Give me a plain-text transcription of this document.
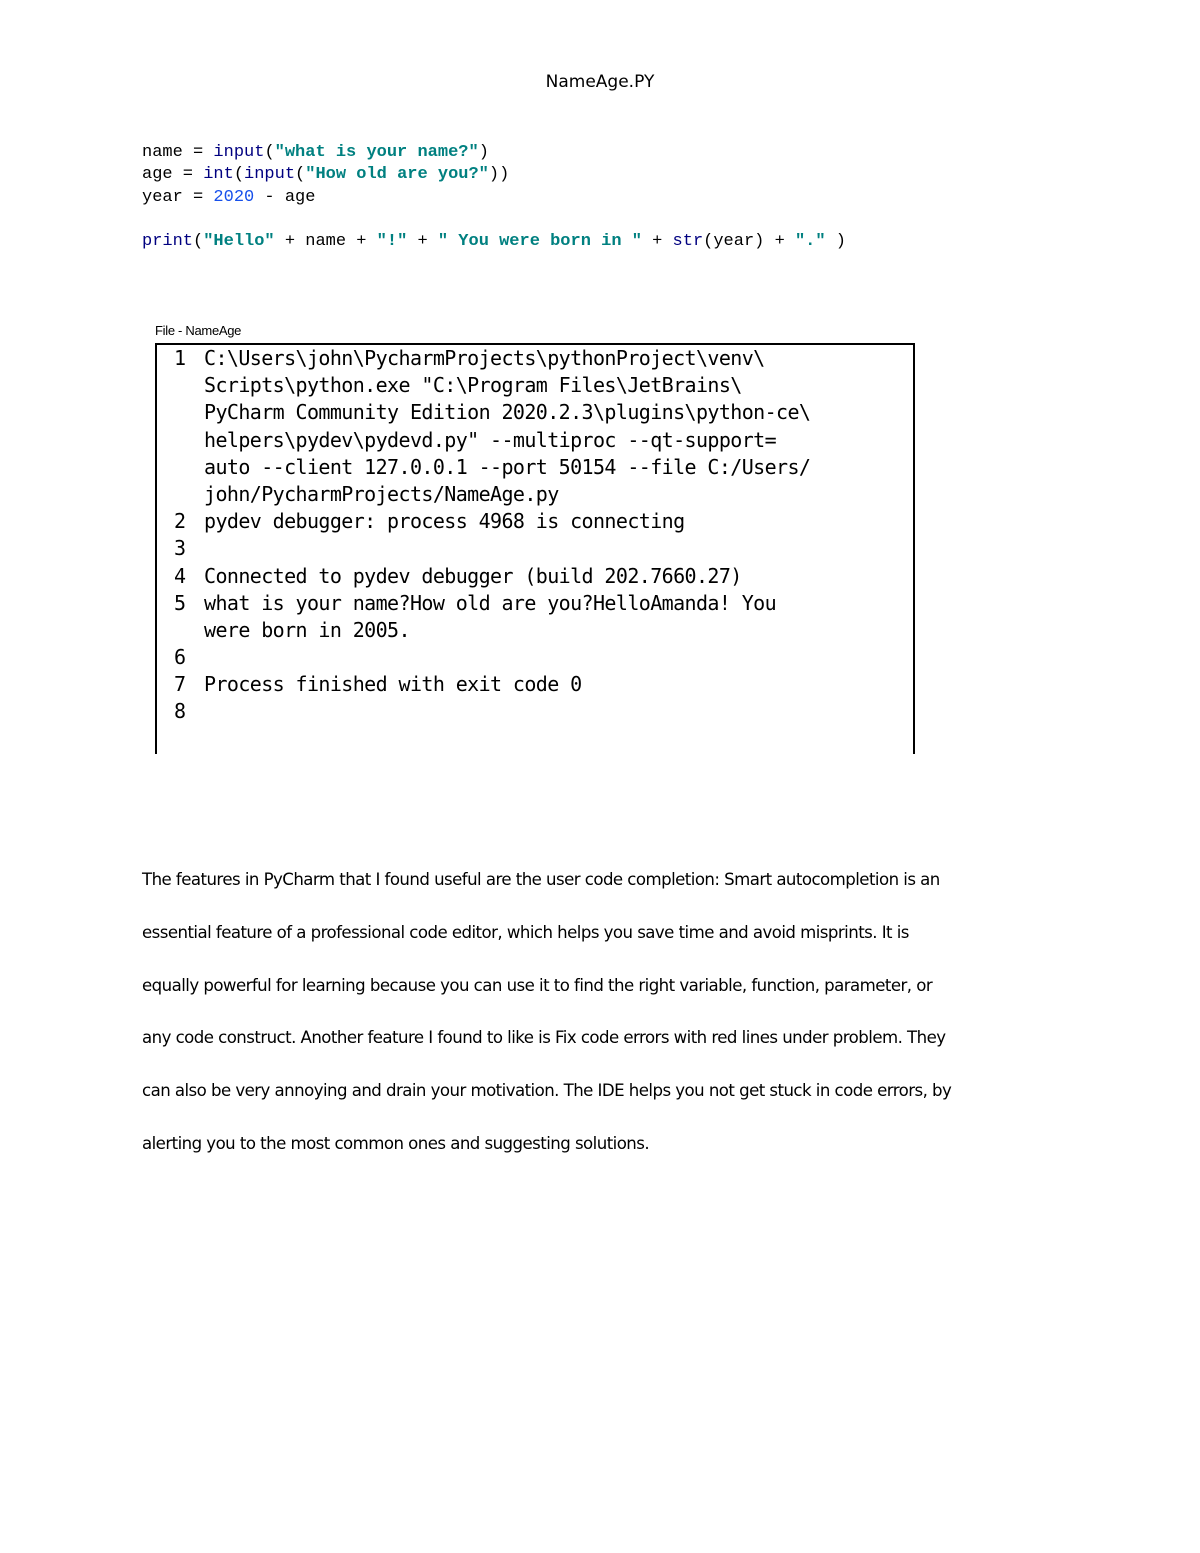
NameAge.PY
name = input("what is your name?")
age = int(input("How old are you?"))
year = 2020 - age
print("Hello" + name + "!" + " You were born in " + str(year) + "." )
File - NameAge
1 C:\Users\john\PycharmProjects\pythonProject\venv\
Scripts\python.exe "C:\Program Files\JetBrains\
PyCharm Community Edition 2020.2.3\plugins\python-ce\
helpers\pydev\pydevd.py" --multiproc --qt-support=
auto --client 127.0.0.1 --port 50154 --file C:/Users/
john/PycharmProjects/NameAge.py
2 pydev debugger: process 4968 is connecting
3
4 Connected to pydev debugger (build 202.7660.27)
5 what is your name?How old are you?HelloAmanda! You
were born in 2005.
6
7 Process finished with exit code 0
8
The features in PyCharm that I found useful are the user code completion: Smart autocompletion is an
essential feature of a professional code editor, which helps you save time and avoid misprints. It is
equally powerful for learning because you can use it to find the right variable, function, parameter, or
any code construct. Another feature I found to like is Fix code errors with red lines under problem. They
can also be very annoying and drain your motivation. The IDE helps you not get stuck in code errors, by
alerting you to the most common ones and suggesting solutions.
